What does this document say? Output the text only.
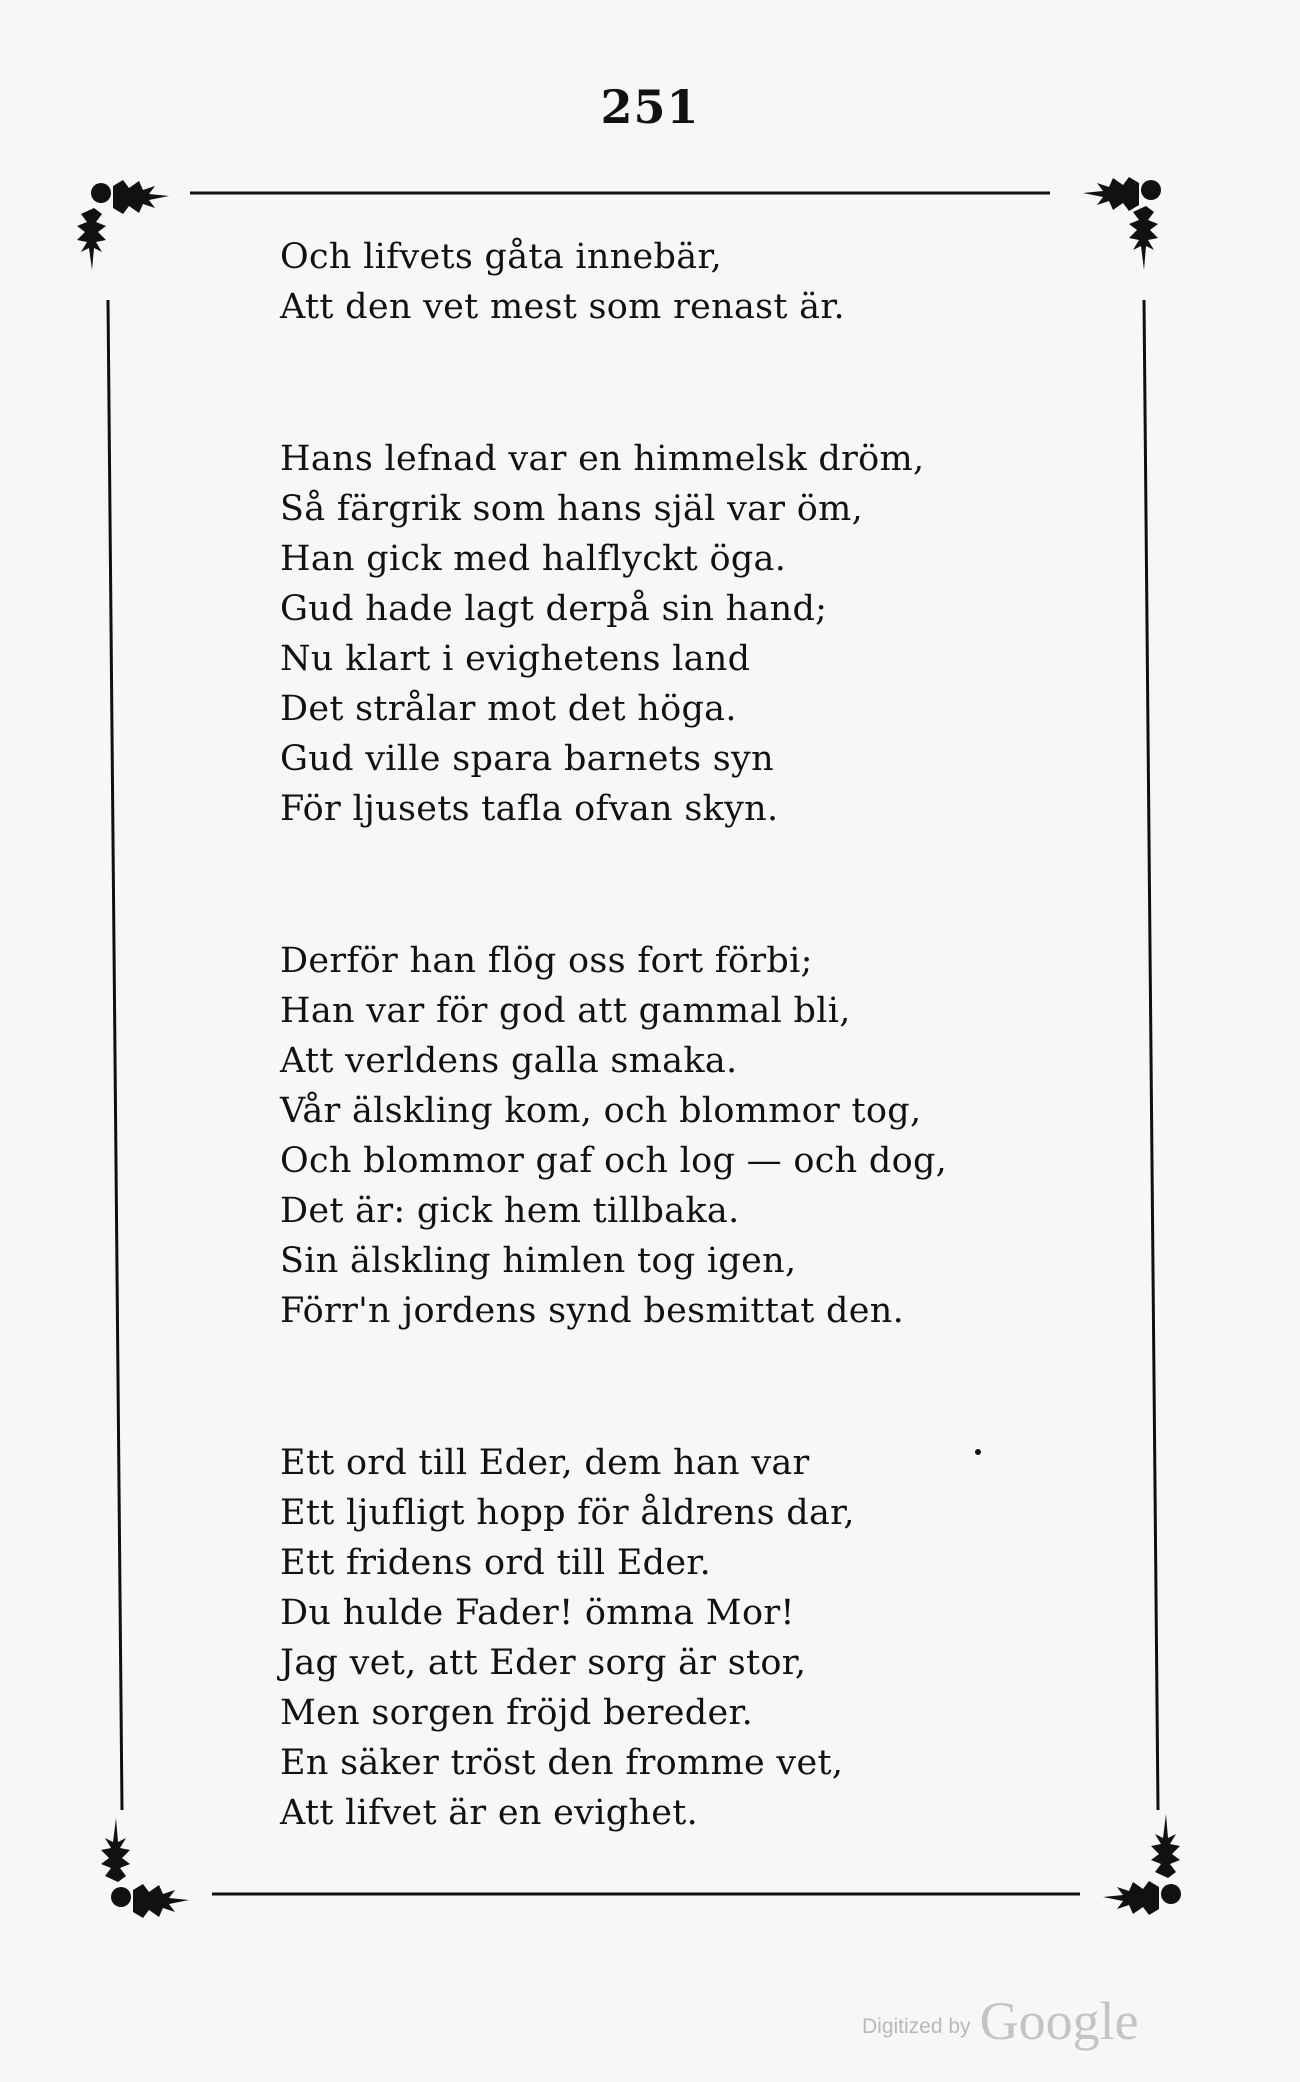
251
Och lifvets gåta innebär,
Att den vet mest som renast är.
Hans lefnad var en himmelsk dröm,
Så färgrik som hans själ var öm,
Han gick med halflyckt öga.
Gud hade lagt derpå sin hand;
Nu klart i evighetens land
Det strålar mot det höga.
Gud ville spara barnets syn
För ljusets tafla ofvan skyn.
Derför han flög oss fort förbi;
Han var för god att gammal bli,
Att verldens galla smaka.
Vår älskling kom, och blommor tog,
Och blommor gaf och log — och dog,
Det är: gick hem tillbaka.
Sin älskling himlen tog igen,
Förr'n jordens synd besmittat den.
Ett ord till Eder, dem han var
Ett ljufligt hopp för åldrens dar,
Ett fridens ord till Eder.
Du hulde Fader! ömma Mor!
Jag vet, att Eder sorg är stor,
Men sorgen fröjd bereder.
En säker tröst den fromme vet,
Att lifvet är en evighet.
Digitized by Google
